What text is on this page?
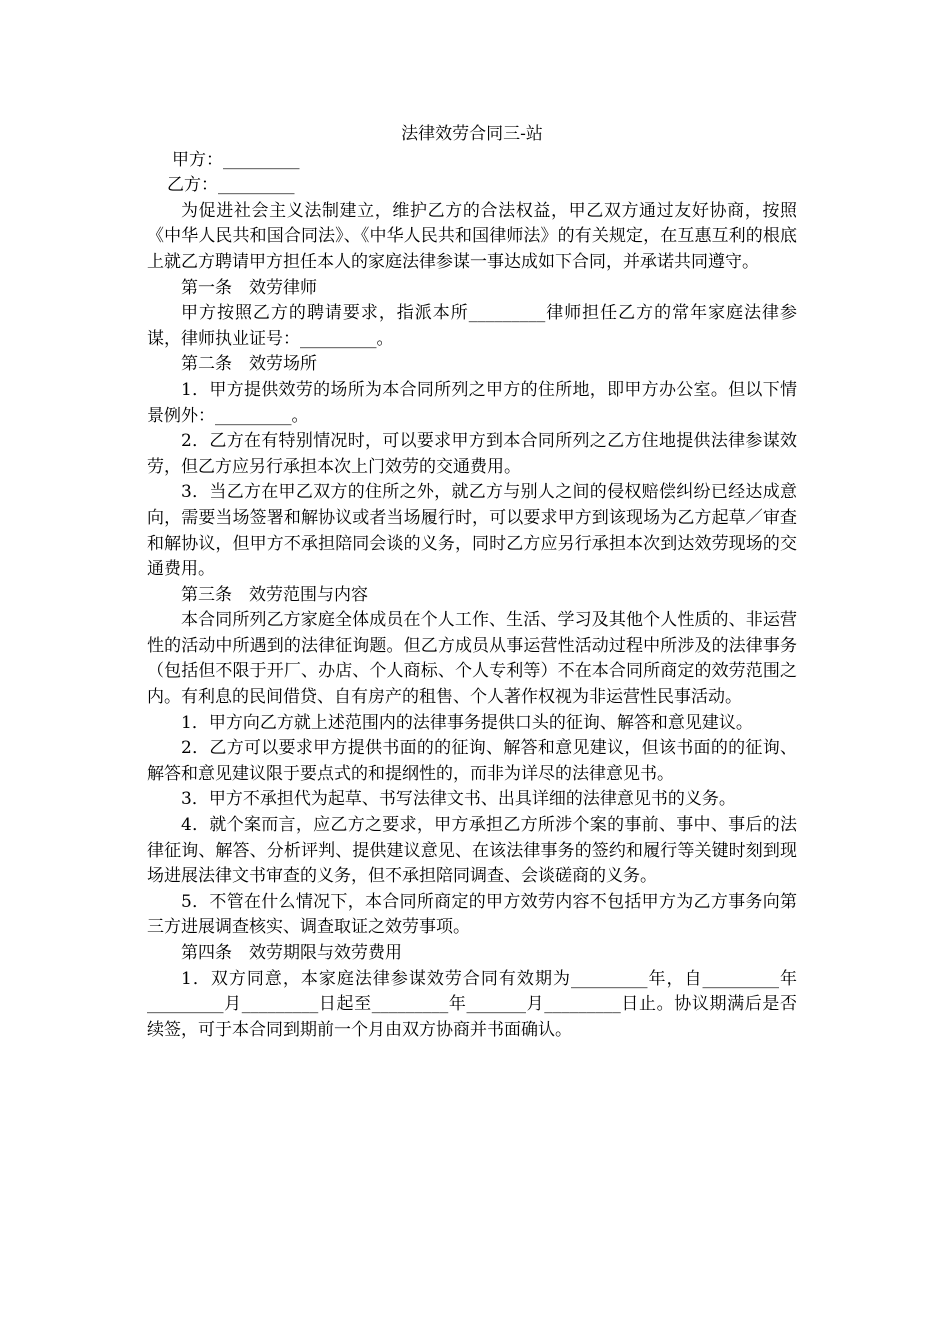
法律效劳合同三-站

甲方：_________

乙方：_________

为促进社会主义法制建立，维护乙方的合法权益，甲乙双方通过友好协商，按照《中华人民共和国合同法》、《中华人民共和国律师法》的有关规定，在互惠互利的根底上就乙方聘请甲方担任本人的家庭法律参谋一事达成如下合同，并承诺共同遵守。

第一条　效劳律师

甲方按照乙方的聘请要求，指派本所_________律师担任乙方的常年家庭法律参谋，律师执业证号：_________。

第二条　效劳场所

1．甲方提供效劳的场所为本合同所列之甲方的住所地，即甲方办公室。但以下情景例外：_________。

2．乙方在有特别情况时，可以要求甲方到本合同所列之乙方住地提供法律参谋效劳，但乙方应另行承担本次上门效劳的交通费用。

3．当乙方在甲乙双方的住所之外，就乙方与别人之间的侵权赔偿纠纷已经达成意向，需要当场签署和解协议或者当场履行时，可以要求甲方到该现场为乙方起草／审查和解协议，但甲方不承担陪同会谈的义务，同时乙方应另行承担本次到达效劳现场的交通费用。

第三条　效劳范围与内容

本合同所列乙方家庭全体成员在个人工作、生活、学习及其他个人性质的、非运营性的活动中所遇到的法律征询题。但乙方成员从事运营性活动过程中所涉及的法律事务（包括但不限于开厂、办店、个人商标、个人专利等）不在本合同所商定的效劳范围之内。有利息的民间借贷、自有房产的租售、个人著作权视为非运营性民事活动。

1．甲方向乙方就上述范围内的法律事务提供口头的征询、解答和意见建议。

2．乙方可以要求甲方提供书面的的征询、解答和意见建议，但该书面的的征询、解答和意见建议限于要点式的和提纲性的，而非为详尽的法律意见书。

3．甲方不承担代为起草、书写法律文书、出具详细的法律意见书的义务。

4．就个案而言，应乙方之要求，甲方承担乙方所涉个案的事前、事中、事后的法律征询、解答、分析评判、提供建议意见、在该法律事务的签约和履行等关键时刻到现场进展法律文书审查的义务，但不承担陪同调查、会谈磋商的义务。

5．不管在什么情况下，本合同所商定的甲方效劳内容不包括甲方为乙方事务向第三方进展调查核实、调查取证之效劳事项。

第四条　效劳期限与效劳费用

1．双方同意，本家庭法律参谋效劳合同有效期为_________年，自_________年_________月_________日起至_________年_______月_________日止。协议期满后是否续签，可于本合同到期前一个月由双方协商并书面确认。
